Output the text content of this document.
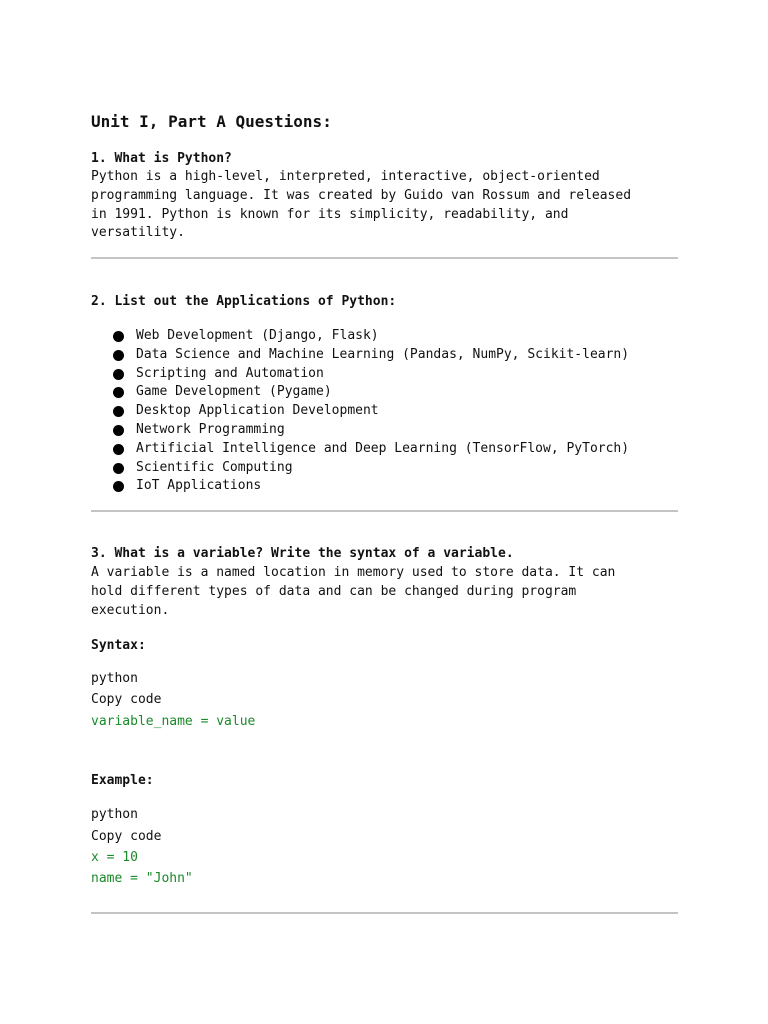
Unit I, Part A Questions:

1. What is Python?

Python is a high-level, interpreted, interactive, object-oriented
programming language. It was created by Guido van Rossum and released
in 1991. Python is known for its simplicity, readability, and
versatility.

2. List out the Applications of Python:

Web Development (Django, Flask)
Data Science and Machine Learning (Pandas, NumPy, Scikit-learn)
Scripting and Automation
Game Development (Pygame)
Desktop Application Development
Network Programming
Artificial Intelligence and Deep Learning (TensorFlow, PyTorch)
Scientific Computing
IoT Applications

3. What is a variable? Write the syntax of a variable.

A variable is a named location in memory used to store data. It can
hold different types of data and can be changed during program
execution.

Syntax:

python

Copy code

variable_name = value

Example:

python

Copy code

x = 10

name = "John"
